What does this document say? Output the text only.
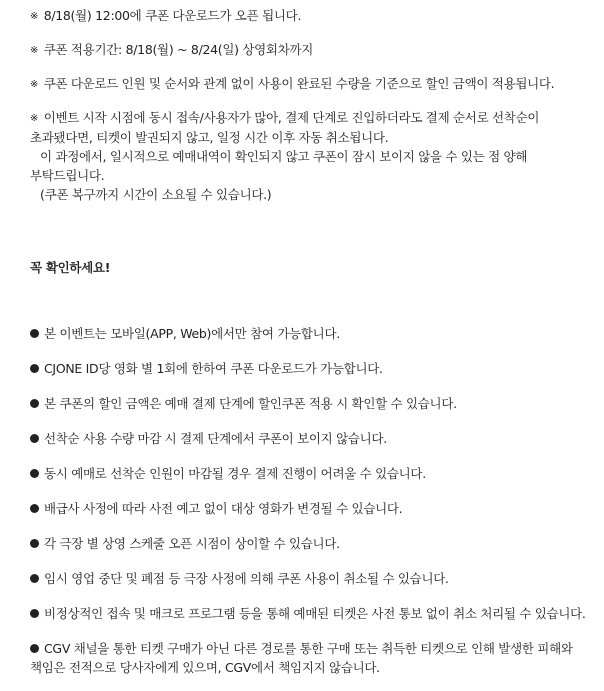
※ 8/18(월) 12:00에 쿠폰 다운로드가 오픈 됩니다.
※ 쿠폰 적용기간: 8/18(월) ~ 8/24(일) 상영회차까지
※ 쿠폰 다운로드 인원 및 순서와 관계 없이 사용이 완료된 수량을 기준으로 할인 금액이 적용됩니다.
※ 이벤트 시작 시점에 동시 접속/사용자가 많아, 결제 단계로 진입하더라도 결제 순서로 선착순이
초과됐다면, 티켓이 발권되지 않고, 일정 시간 이후 자동 취소됩니다.
이 과정에서, 일시적으로 예매내역이 확인되지 않고 쿠폰이 잠시 보이지 않을 수 있는 점 양해
부탁드립니다.
(쿠폰 복구까지 시간이 소요될 수 있습니다.)
꼭 확인하세요!
본 이벤트는 모바일(APP, Web)에서만 참여 가능합니다.
CJONE ID당 영화 별 1회에 한하여 쿠폰 다운로드가 가능합니다.
본 쿠폰의 할인 금액은 예매 결제 단계에 할인쿠폰 적용 시 확인할 수 있습니다.
선착순 사용 수량 마감 시 결제 단계에서 쿠폰이 보이지 않습니다.
동시 예매로 선착순 인원이 마감될 경우 결제 진행이 어려울 수 있습니다.
배급사 사정에 따라 사전 예고 없이 대상 영화가 변경될 수 있습니다.
각 극장 별 상영 스케줄 오픈 시점이 상이할 수 있습니다.
임시 영업 중단 및 폐점 등 극장 사정에 의해 쿠폰 사용이 취소될 수 있습니다.
비정상적인 접속 및 매크로 프로그램 등을 통해 예매된 티켓은 사전 통보 없이 취소 처리될 수 있습니다.
CGV 채널을 통한 티켓 구매가 아닌 다른 경로를 통한 구매 또는 취득한 티켓으로 인해 발생한 피해와
책임은 전적으로 당사자에게 있으며, CGV에서 책임지지 않습니다.
